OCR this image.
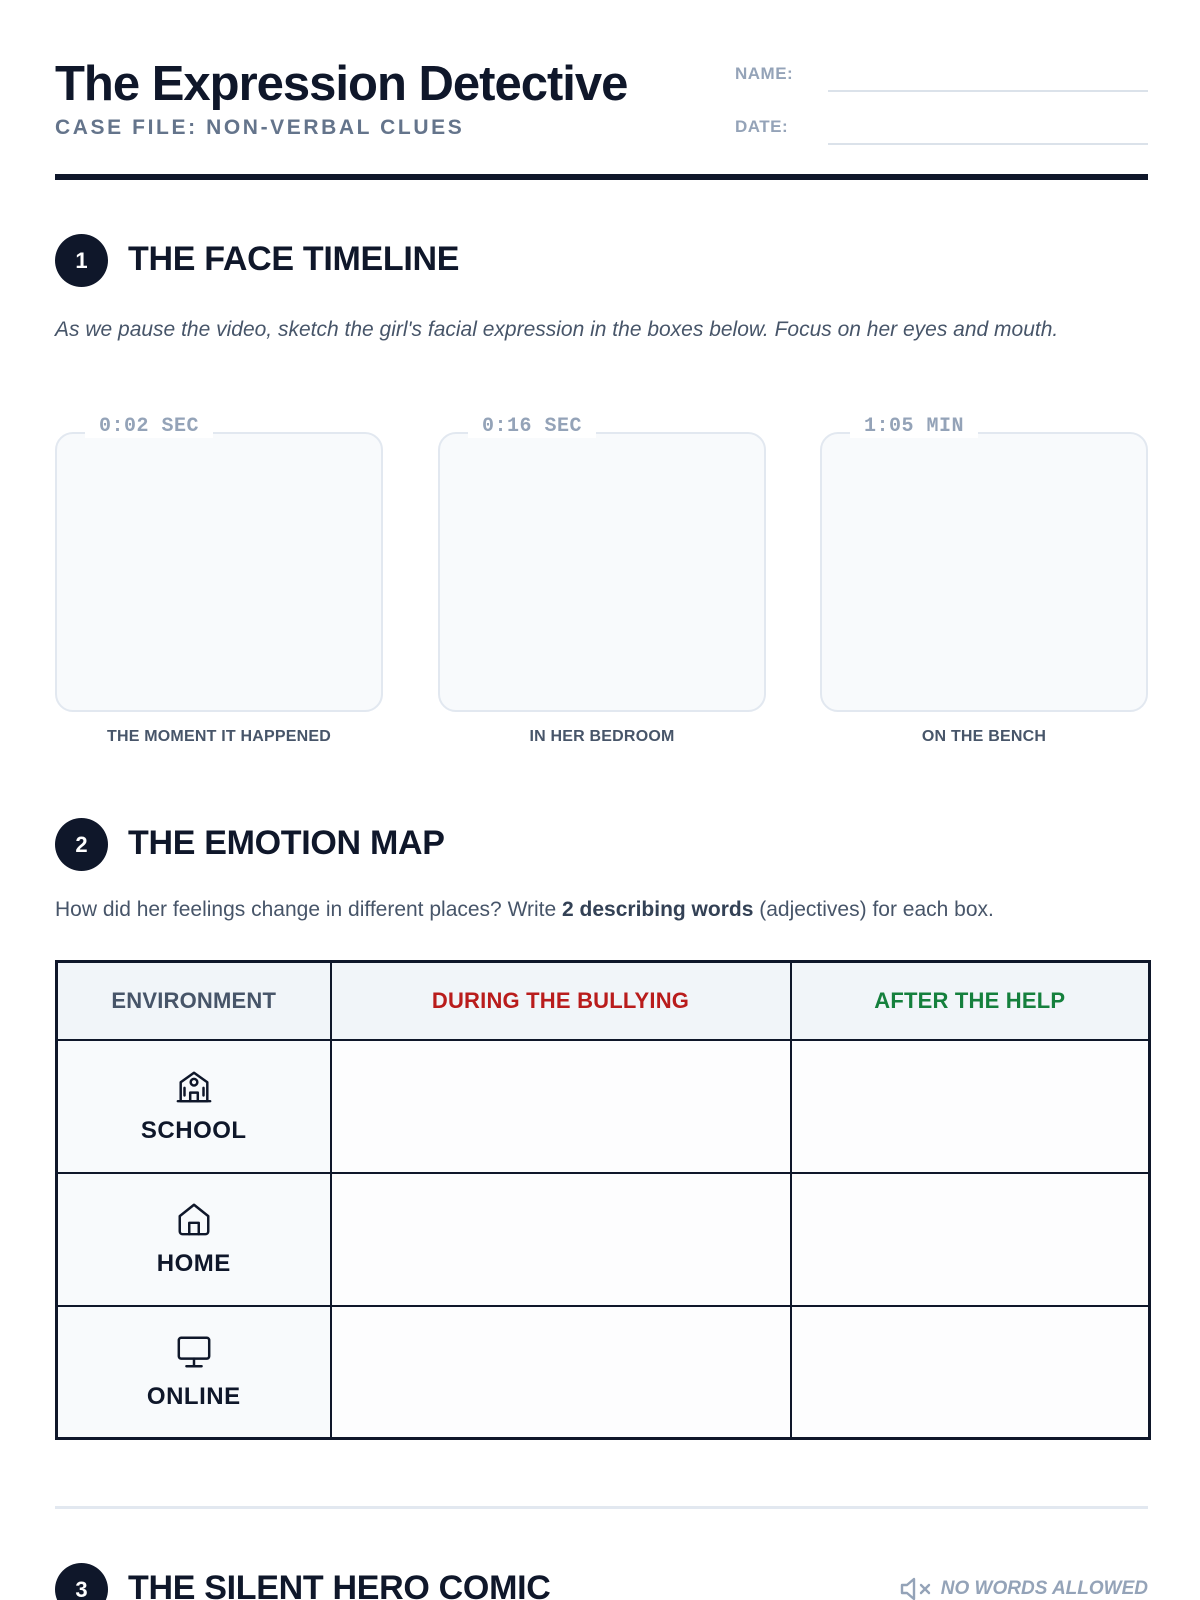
The Expression Detective
CASE FILE: NON-VERBAL CLUES
NAME:
DATE:
1	THE FACE TIMELINE
As we pause the video, sketch the girl's facial expression in the boxes below. Focus on her eyes and mouth.
0:02 SEC
THE MOMENT IT HAPPENED
0:16 SEC
IN HER BEDROOM
1:05 MIN
ON THE BENCH
2	THE EMOTION MAP
How did her feelings change in different places? Write 2 describing words (adjectives) for each box.
ENVIRONMENT	DURING THE BULLYING	AFTER THE HELP

SCHOOL		

HOME		

ONLINE		
3	THE SILENT HERO COMIC	NO WORDS ALLOWED
